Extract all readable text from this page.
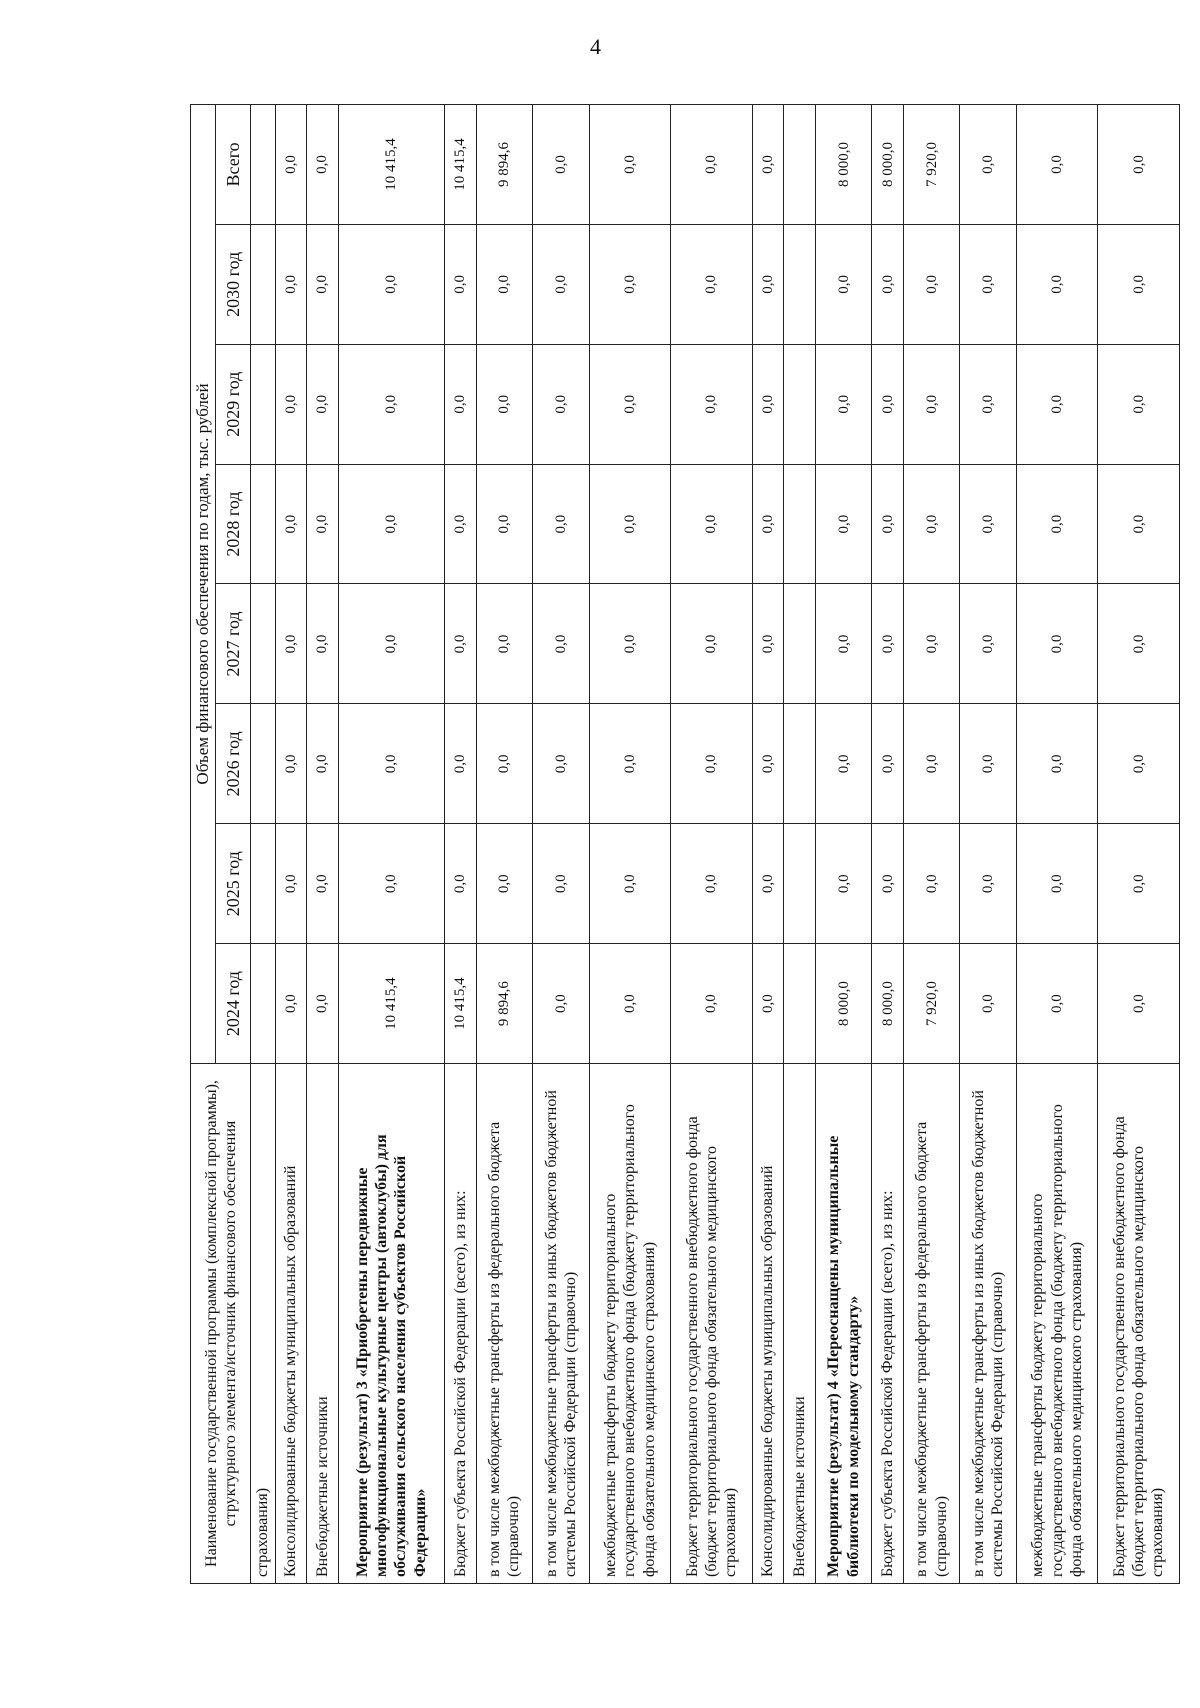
4
Наименование государственной программы (комплексной программы), структурного элемента/источник финансового обеспечения	Объем финансового обеспечения по годам, тыс. рублей							
	2024 год	2025 год	2026 год	2027 год	2028 год	2029 год	2030 год	Всего
страхования)								
Консолидированные бюджеты муниципальных образований	0,0	0,0	0,0	0,0	0,0	0,0	0,0	0,0
Внебюджетные источники	0,0	0,0	0,0	0,0	0,0	0,0	0,0	0,0
Мероприятие (результат) 3 «Приобретены передвижные многофункциональные культурные центры (автоклубы) для обслуживания сельского населения субъектов Российской Федерации»	10 415,4	0,0	0,0	0,0	0,0	0,0	0,0	10 415,4
Бюджет субъекта Российской Федерации (всего), из них:	10 415,4	0,0	0,0	0,0	0,0	0,0	0,0	10 415,4
в том числе межбюджетные трансферты из федерального бюджета (справочно)	9 894,6	0,0	0,0	0,0	0,0	0,0	0,0	9 894,6
в том числе межбюджетные трансферты из иных бюджетов бюджетной системы Российской Федерации (справочно)	0,0	0,0	0,0	0,0	0,0	0,0	0,0	0,0
межбюджетные трансферты бюджету территориального государственного внебюджетного фонда (бюджету территориального фонда обязательного медицинского страхования)	0,0	0,0	0,0	0,0	0,0	0,0	0,0	0,0
Бюджет территориального государственного внебюджетного фонда (бюджет территориального фонда обязательного медицинского страхования)	0,0	0,0	0,0	0,0	0,0	0,0	0,0	0,0
Консолидированные бюджеты муниципальных образований	0,0	0,0	0,0	0,0	0,0	0,0	0,0	0,0
Внебюджетные источники								
Мероприятие (результат) 4 «Переоснащены муниципальные библиотеки по модельному стандарту»	8 000,0	0,0	0,0	0,0	0,0	0,0	0,0	8 000,0
Бюджет субъекта Российской Федерации (всего), из них:	8 000,0	0,0	0,0	0,0	0,0	0,0	0,0	8 000,0
в том числе межбюджетные трансферты из федерального бюджета (справочно)	7 920,0	0,0	0,0	0,0	0,0	0,0	0,0	7 920,0
в том числе межбюджетные трансферты из иных бюджетов бюджетной системы Российской Федерации (справочно)	0,0	0,0	0,0	0,0	0,0	0,0	0,0	0,0
межбюджетные трансферты бюджету территориального государственного внебюджетного фонда (бюджету территориального фонда обязательного медицинского страхования)	0,0	0,0	0,0	0,0	0,0	0,0	0,0	0,0
Бюджет территориального государственного внебюджетного фонда (бюджет территориального фонда обязательного медицинского страхования)	0,0	0,0	0,0	0,0	0,0	0,0	0,0	0,0
